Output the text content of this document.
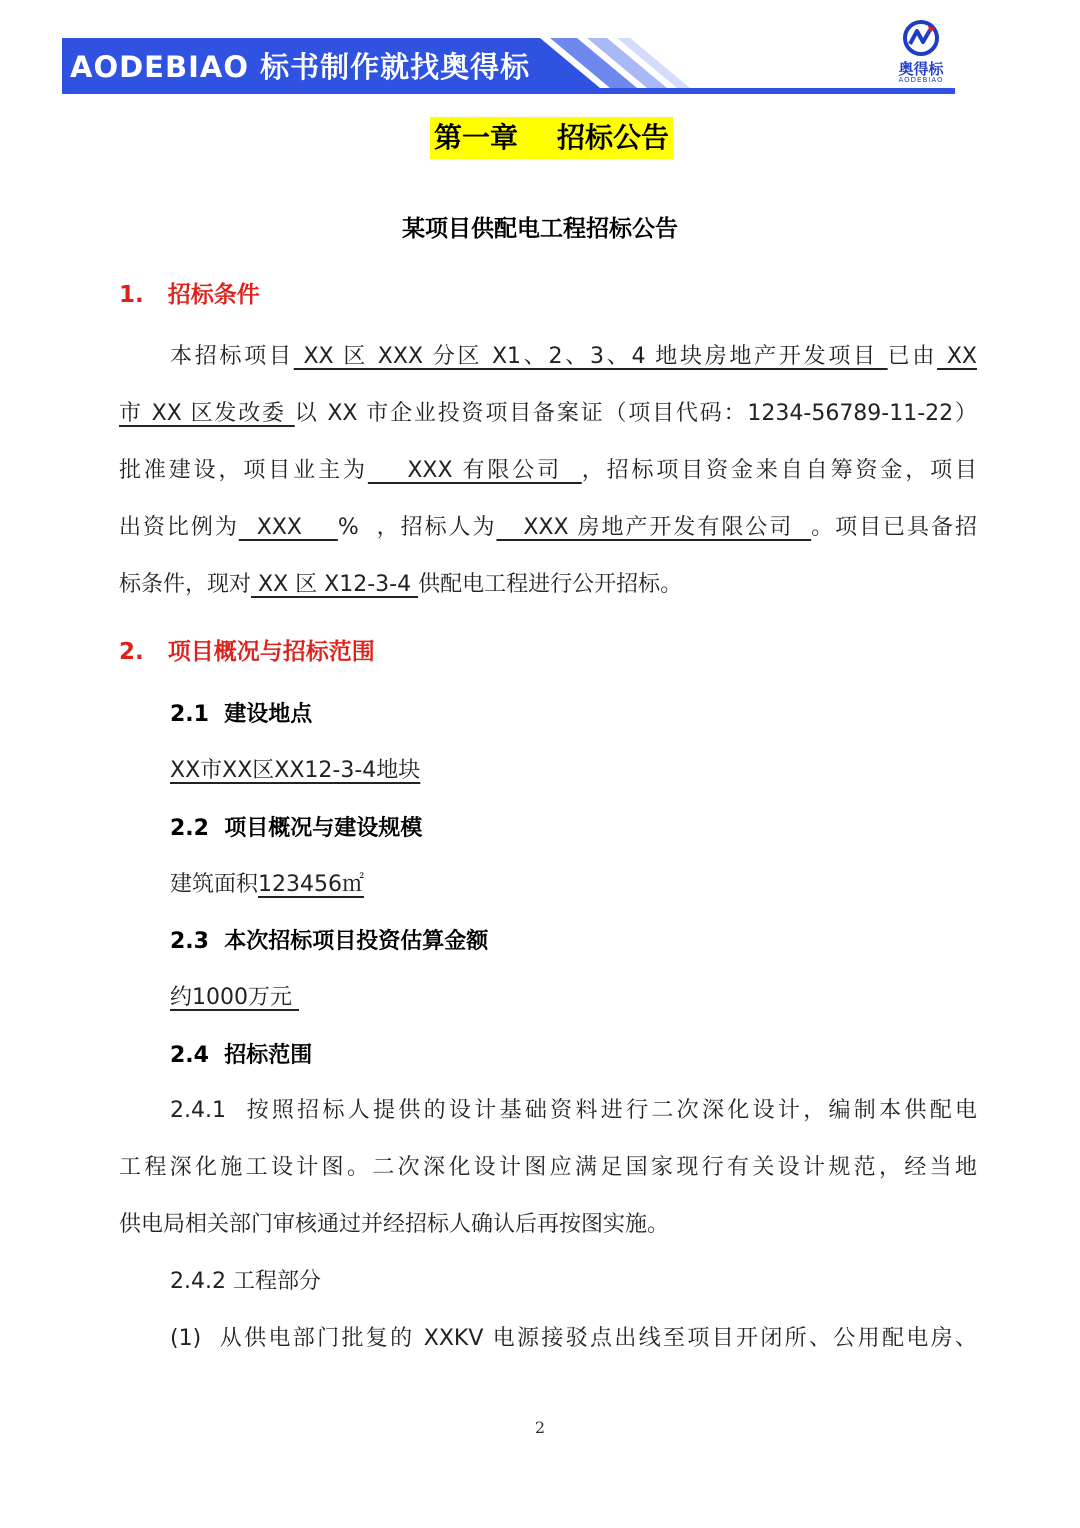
AODEBIAO 标书制作就找奥得标	奥得标
AODEBIAO
第一章    招标公告
某项目供配电工程招标公告
1.   招标条件
本招标项目 XX 区 XXX 分区 X1、2、3、4 地块房地产开发项目 已由 XX
市 XX 区发改委 以 XX 市企业投资项目备案证（项目代码：1234-56789-11-22）
批准建设，项目业主为    XXX 有限公司  ，招标项目资金来自自筹资金，项目
出资比例为  XXX    %  ，招标人为   XXX 房地产开发有限公司  。项目已具备招
标条件，现对 XX 区 X12-3-4 供配电工程进行公开招标。
2.   项目概况与招标范围
2.1  建设地点
XX市XX区XX12-3-4地块
2.2  项目概况与建设规模
建筑面积123456㎡
2.3  本次招标项目投资估算金额
约1000万元
2.4  招标范围
2.4.1  按照招标人提供的设计基础资料进行二次深化设计，编制本供配电
工程深化施工设计图。二次深化设计图应满足国家现行有关设计规范，经当地
供电局相关部门审核通过并经招标人确认后再按图实施。
2.4.2 工程部分
(1)  从供电部门批复的 XXKV 电源接驳点出线至项目开闭所、公用配电房、
2
